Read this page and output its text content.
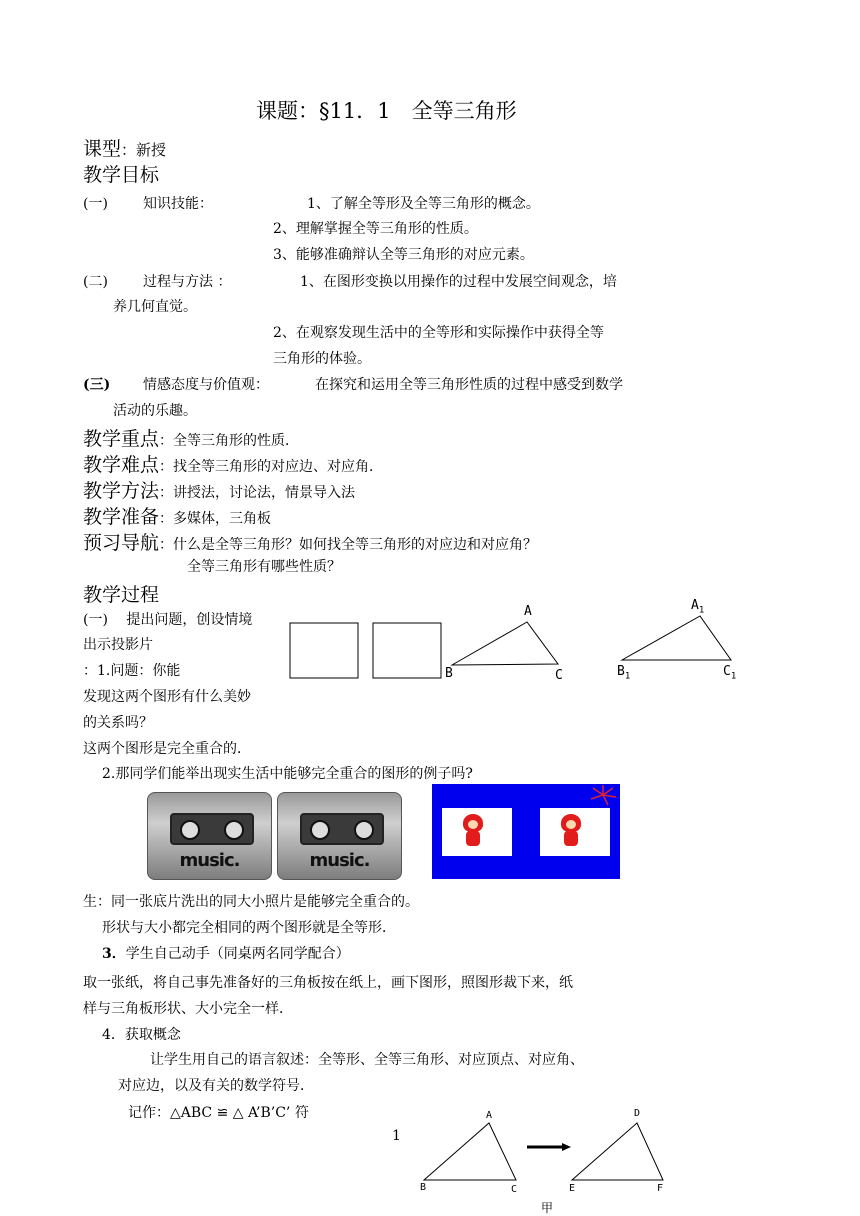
课题：§11．1　全等三角形
课型：新授
教学目标
(一)	知识技能：	1、了解全等形及全等三角形的概念。
2、理解掌握全等三角形的性质。
3、能够准确辩认全等三角形的对应元素。
(二)	过程与方法 ：	1、在图形变换以用操作的过程中发展空间观念，培
养几何直觉。
2、在观察发现生活中的全等形和实际操作中获得全等
三角形的体验。
(三) 情感态度与价值观：	在探究和运用全等三角形性质的过程中感受到数学
活动的乐趣。
教学重点：全等三角形的性质．
教学难点：找全等三角形的对应边、对应角．
教学方法：讲授法，讨论法，情景导入法
教学准备：多媒体，三角板
预习导航：什么是全等三角形？如何找全等三角形的对应边和对应角？
全等三角形有哪些性质？
教学过程
(一)　 提出问题，创设情境
出示投影片
：1.问题：你能
发现这两个图形有什么美妙
的关系吗？
这两个图形是完全重合的．
A
B	C
$A_1$
$B_1$	$C_1$
2.那同学们能举出现实生活中能够完全重合的图形的例子吗?
music.	music.
生：同一张底片洗出的同大小照片是能够完全重合的。
形状与大小都完全相同的两个图形就是全等形．
3．学生自己动手（同桌两名同学配合）
取一张纸，将自己事先准备好的三角板按在纸上，画下图形，照图形裁下来，纸
样与三角板形状、大小完全一样．
4．获取概念
让学生用自己的语言叙述：全等形、全等三角形、对应顶点、对应角、
对应边，以及有关的数学符号．
记作：△ABC ≌ △ A’B’C’ 符
1
A
B	C
D
E	F
甲
